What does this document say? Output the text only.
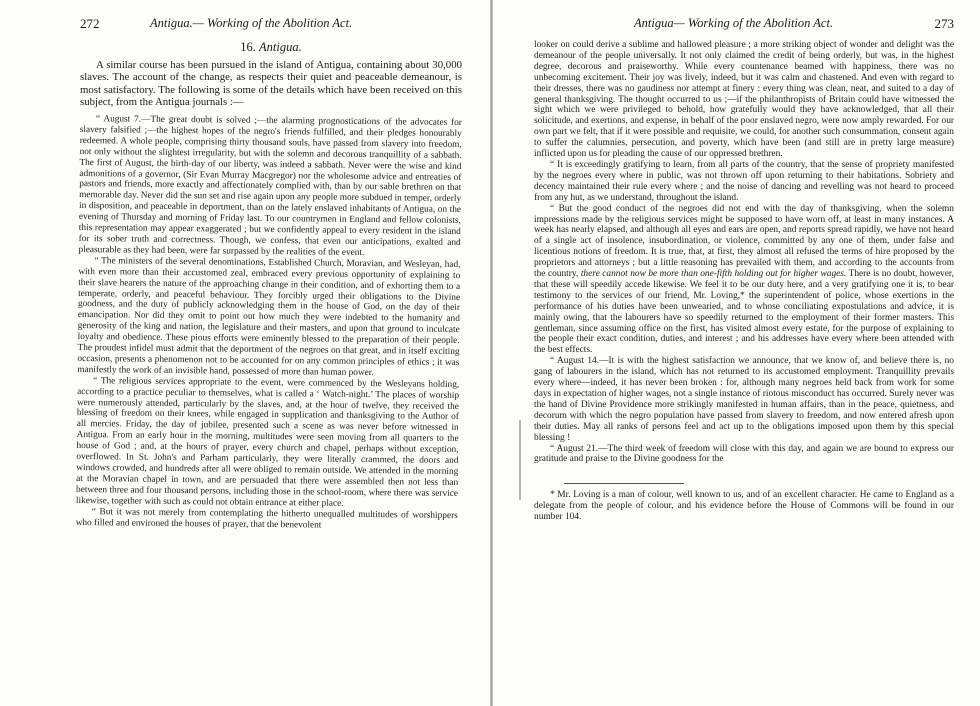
272	Antigua.— Working of the Abolition Act.
16. Antigua.

A similar course has been pursued in the island of Antigua, containing about 30,000 slaves. The account of the change, as respects their quiet and peaceable demeanour, is most satisfactory. The following is some of the details which have been received on this subject, from the Antigua journals :—

“ August 7.—The great doubt is solved ;—the alarming prognostications of the advocates for slavery falsified ;—the highest hopes of the negro's friends fulfilled, and their pledges honourably redeemed. A whole people, comprising thirty thousand souls, have passed from slavery into freedom, not only without the slightest irregularity, but with the solemn and decorous tranquillity of a sabbath. The first of August, the birth-day of our liberty, was indeed a sabbath. Never were the wise and kind admonitions of a governor, (Sir Evan Murray Macgregor) nor the wholesome advice and entreaties of pastors and friends, more exactly and affectionately complied with, than by our sable brethren on that memorable day. Never did the sun set and rise again upon any people more subdued in temper, orderly in disposition, and peaceable in deportment, than on the lately enslaved inhabitants of Antigua, on the evening of Thursday and morning of Friday last. To our countrymen in England and fellow colonists, this representation may appear exaggerated ; but we confidently appeal to every resident in the island for its sober truth and correctness. Though, we confess, that even our anticipations, exalted and pleasurable as they had been, were far surpassed by the realities of the event.

“ The ministers of the several denominations, Established Church, Moravian, and Wesleyan, had, with even more than their accustomed zeal, embraced every previous opportunity of explaining to their slave hearers the nature of the approaching change in their condition, and of exhorting them to a temperate, orderly, and peaceful behaviour. They forcibly urged their obligations to the Divine goodness, and the duty of publicly acknowledging them in the house of God, on the day of their emancipation. Nor did they omit to point out how much they were indebted to the humanity and generosity of the king and nation, the legislature and their masters, and upon that ground to inculcate loyalty and obedience. These pious efforts were eminently blessed to the preparation of their people. The proudest infidel must admit that the deportment of the negroes on that great, and in itself exciting occasion, presents a phenomenon not to be accounted for on any common principles of ethics ; it was manifestly the work of an invisible hand, possessed of more than human power.

“ The religious services appropriate to the event, were commenced by the Wesleyans holding, according to a practice peculiar to themselves, what is called a ‘ Watch-night.’ The places of worship were numerously attended, particularly by the slaves, and, at the hour of twelve, they received the blessing of freedom on their knees, while engaged in supplication and thanksgiving to the Author of all mercies. Friday, the day of jubilee, presented such a scene as was never before witnessed in Antigua. From an early hour in the morning, multitudes were seen moving from all quarters to the house of God ; and, at the hours of prayer, every church and chapel, perhaps without exception, overflowed. In St. John's and Parham particularly, they were literally crammed, the doors and windows crowded, and hundreds after all were obliged to remain outside. We attended in the morning at the Moravian chapel in town, and are persuaded that there were assembled then not less than between three and four thousand persons, including those in the school-room, where there was service likewise, together with such as could not obtain entrance at either place.

“ But it was not merely from contemplating the hitherto unequalled multitudes of worshippers who filled and environed the houses of prayer, that the benevolent

Antigua— Working of the Abolition Act.	273

looker on could derive a sublime and hallowed pleasure ; a more striking object of wonder and delight was the demeanour of the people universally. It not only claimed the credit of being orderly, but was, in the highest degree, decorous and praiseworthy. While every countenance beamed with happiness, there was no unbecoming excitement. Their joy was lively, indeed, but it was calm and chastened. And even with regard to their dresses, there was no gaudiness nor attempt at finery : every thing was clean, neat, and suited to a day of general thanksgiving. The thought occurred to us ;—if the philanthropists of Britain could have witnessed the sight which we were privileged to behold, how gratefully would they have acknowledged, that all their solicitude, and exertions, and expense, in behalf of the poor enslaved negro, were now amply rewarded. For our own part we felt, that if it were possible and requisite, we could, for another such consummation, consent again to suffer the calumnies, persecution, and poverty, which have been (and still are in pretty large measure) inflicted upon us for pleading the cause of our oppressed brethren.

“ It is exceedingly gratifying to learn, from all parts of the country, that the sense of propriety manifested by the negroes every where in public, was not thrown off upon returning to their habitations. Sobriety and decency maintained their rule every where ; and the noise of dancing and revelling was not heard to proceed from any hut, as we understand, throughout the island.

“ But the good conduct of the negroes did not end with the day of thanksgiving, when the solemn impressions made by the religious services might be supposed to have worn off, at least in many instances. A week has nearly elapsed, and although all eyes and ears are open, and reports spread rapidly, we have not heard of a single act of insolence, insubordination, or violence, committed by any one of them, under false and licentious notions of freedom. It is true, that, at first, they almost all refused the terms of hire proposed by the proprietors and attorneys ; but a little reasoning has prevailed with them, and according to the accounts from the country, there cannot now be more than one-fifth holding out for higher wages. There is no doubt, however, that these will speedily accede likewise. We feel it to be our duty here, and a very gratifying one it is, to bear testimony to the services of our friend, Mr. Loving,* the superintendent of police, whose exertions in the performance of his duties have been unwearied, and to whose conciliating expostulations and advice, it is mainly owing, that the labourers have so speedily returned to the employment of their former masters. This gentleman, since assuming office on the first, has visited almost every estate, for the purpose of explaining to the people their exact condition, duties, and interest ; and his addresses have every where been attended with the best effects.

“ August 14.—It is with the highest satisfaction we announce, that we know of, and believe there is, no gang of labourers in the island, which has not returned to its accustomed employment. Tranquillity prevails every where—indeed, it has never been broken : for, although many negroes held back from work for some days in expectation of higher wages, not a single instance of riotous misconduct has occurred. Surely never was the hand of Divine Providence more strikingly manifested in human affairs, than in the peace, quietness, and decorum with which the negro population have passed from slavery to freedom, and now entered afresh upon their duties. May all ranks of persons feel and act up to the obligations imposed upon them by this special blessing !

“ August 21.—The third week of freedom will close with this day, and again we are bound to express our gratitude and praise to the Divine goodness for the

* Mr. Loving is a man of colour, well known to us, and of an excellent character. He came to England as a delegate from the people of colour, and his evidence before the House of Commons will be found in our number 104.
